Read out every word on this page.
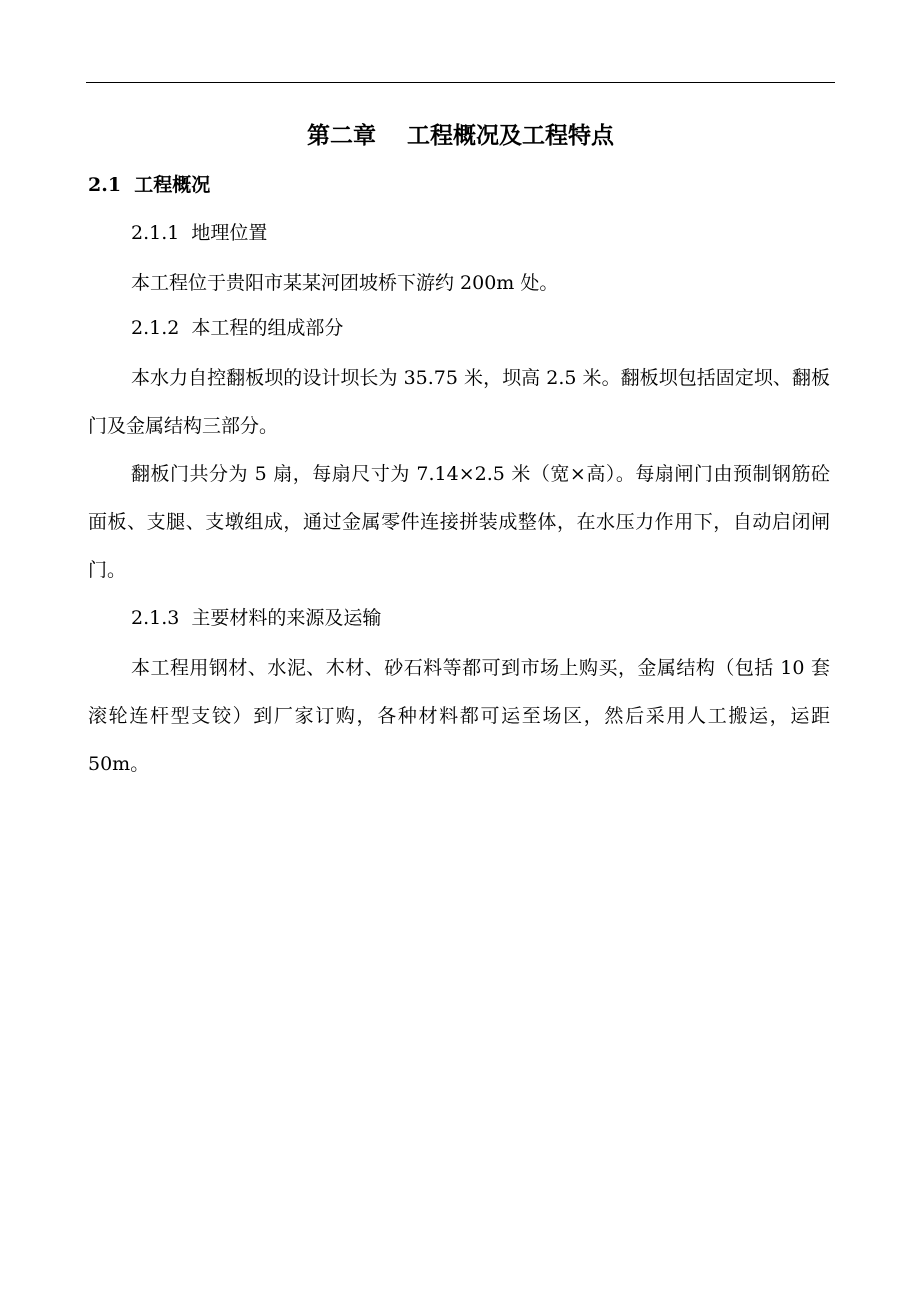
第二章　 工程概况及工程特点
2.1  工程概况
2.1.1  地理位置

本工程位于贵阳市某某河团坡桥下游约 200m 处。

2.1.2  本工程的组成部分

本水力自控翻板坝的设计坝长为 35.75 米，坝高 2.5 米。翻板坝包括固定坝、翻板门及金属结构三部分。

翻板门共分为 5 扇，每扇尺寸为 7.14×2.5 米（宽×高）。每扇闸门由预制钢筋砼面板、支腿、支墩组成，通过金属零件连接拼装成整体，在水压力作用下，自动启闭闸门。

2.1.3  主要材料的来源及运输

本工程用钢材、水泥、木材、砂石料等都可到市场上购买，金属结构（包括 10 套滚轮连杆型支铰）到厂家订购，各种材料都可运至场区，然后采用人工搬运，运距 50m。
